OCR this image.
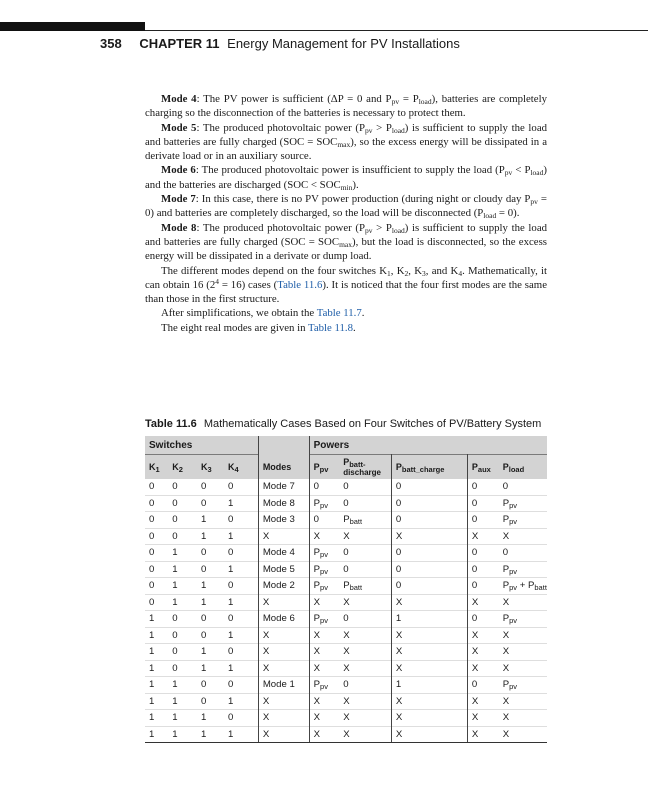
358 CHAPTER 11 Energy Management for PV Installations

Mode 4: The PV power is sufficient (ΔP = 0 and $P_{pv} = P_{load}$), batteries are completely charging so the disconnection of the batteries is necessary to protect them.

Mode 5: The produced photovoltaic power $(P_{pv} > P_{load})$ is sufficient to supply the load and batteries are fully charged $(SOC = SOC_{max})$, so the excess energy will be dissipated in a derivate load or in an auxiliary source.

Mode 6: The produced photovoltaic power is insufficient to supply the load $(P_{pv} < P_{load})$ and the batteries are discharged $(SOC < SOC_{min})$.

Mode 7: In this case, there is no PV power production (during night or cloudy day $P_{pv} = 0$) and batteries are completely discharged, so the load will be disconnected $(P_{load} = 0)$.

Mode 8: The produced photovoltaic power $(P_{pv} > P_{load})$ is sufficient to supply the load and batteries are fully charged $(SOC = SOC_{max})$, but the load is disconnected, so the excess energy will be dissipated in a derivate or dump load.

The different modes depend on the four switches $K_1$, $K_2$, $K_3$, and $K_4$. Mathematically, it can obtain 16 $(2^4 = 16)$ cases (Table 11.6). It is noticed that the four first modes are the same than those in the first structure.

After simplifications, we obtain the Table 11.7.

The eight real modes are given in Table 11.8.

Table 11.6 Mathematically Cases Based on Four Switches of PV/Battery System
Switches					Powers				
$K_1$	$K_2$	$K_3$	$K_4$	Modes	$P_{pv}$	$P_{batt-}$
discharge	$P_{batt\_charge}$	$P_{aux}$	$P_{load}$
0	0	0	0	Mode 7	0	0	0	0	0
0	0	0	1	Mode 8	$P_{pv}$	0	0	0	$P_{pv}$
0	0	1	0	Mode 3	0	$P_{batt}$	0	0	$P_{pv}$
0	0	1	1	X	X	X	X	X	X
0	1	0	0	Mode 4	$P_{pv}$	0	0	0	0
0	1	0	1	Mode 5	$P_{pv}$	0	0	0	$P_{pv}$
0	1	1	0	Mode 2	$P_{pv}$	$P_{batt}$	0	0	$P_{pv} + P_{batt}$
0	1	1	1	X	X	X	X	X	X
1	0	0	0	Mode 6	$P_{pv}$	0	1	0	$P_{pv}$
1	0	0	1	X	X	X	X	X	X
1	0	1	0	X	X	X	X	X	X
1	0	1	1	X	X	X	X	X	X
1	1	0	0	Mode 1	$P_{pv}$	0	1	0	$P_{pv}$
1	1	0	1	X	X	X	X	X	X
1	1	1	0	X	X	X	X	X	X
1	1	1	1	X	X	X	X	X	X
